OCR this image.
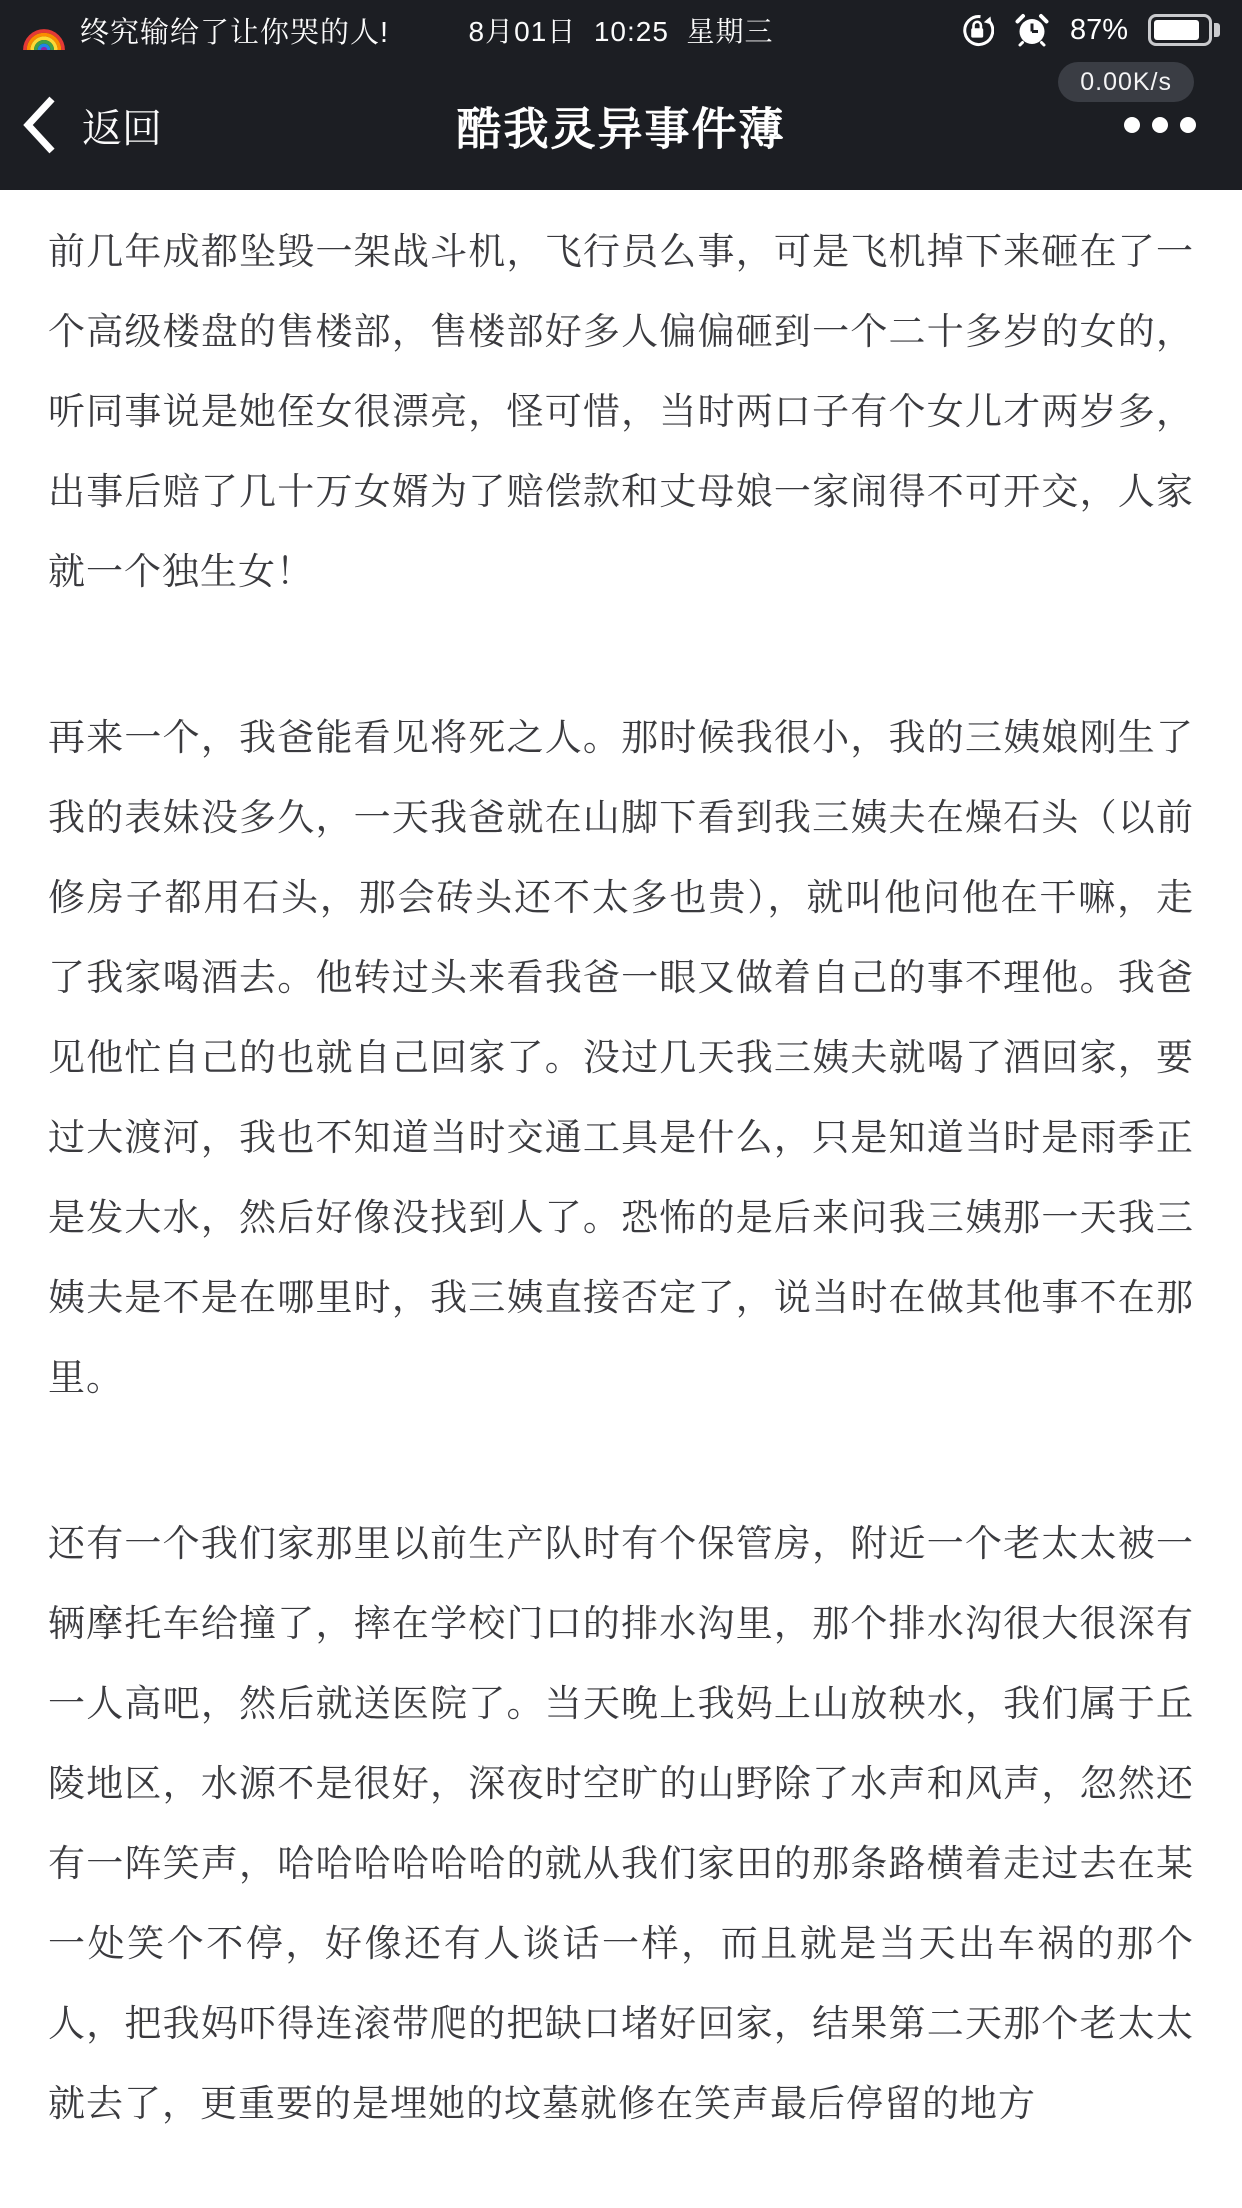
终究输给了让你哭的人!	8月01日  10:25  星期三	87%
0.00K/s
返回	酷我灵异事件薄
前几年成都坠毁一架战斗机，飞行员么事，可是飞机掉下来砸在了一
个高级楼盘的售楼部，售楼部好多人偏偏砸到一个二十多岁的女的，
听同事说是她侄女很漂亮，怪可惜，当时两口子有个女儿才两岁多，
出事后赔了几十万女婿为了赔偿款和丈母娘一家闹得不可开交，人家
就一个独生女！
再来一个，我爸能看见将死之人。那时候我很小，我的三姨娘刚生了
我的表妹没多久，一天我爸就在山脚下看到我三姨夫在燥石头（以前
修房子都用石头，那会砖头还不太多也贵），就叫他问他在干嘛，走
了我家喝酒去。他转过头来看我爸一眼又做着自己的事不理他。我爸
见他忙自己的也就自己回家了。没过几天我三姨夫就喝了酒回家，要
过大渡河，我也不知道当时交通工具是什么，只是知道当时是雨季正
是发大水，然后好像没找到人了。恐怖的是后来问我三姨那一天我三
姨夫是不是在哪里时，我三姨直接否定了，说当时在做其他事不在那
里。
还有一个我们家那里以前生产队时有个保管房，附近一个老太太被一
辆摩托车给撞了，摔在学校门口的排水沟里，那个排水沟很大很深有
一人高吧，然后就送医院了。当天晚上我妈上山放秧水，我们属于丘
陵地区，水源不是很好，深夜时空旷的山野除了水声和风声，忽然还
有一阵笑声，哈哈哈哈哈哈的就从我们家田的那条路横着走过去在某
一处笑个不停，好像还有人谈话一样，而且就是当天出车祸的那个
人，把我妈吓得连滚带爬的把缺口堵好回家，结果第二天那个老太太
就去了，更重要的是埋她的坟墓就修在笑声最后停留的地方
